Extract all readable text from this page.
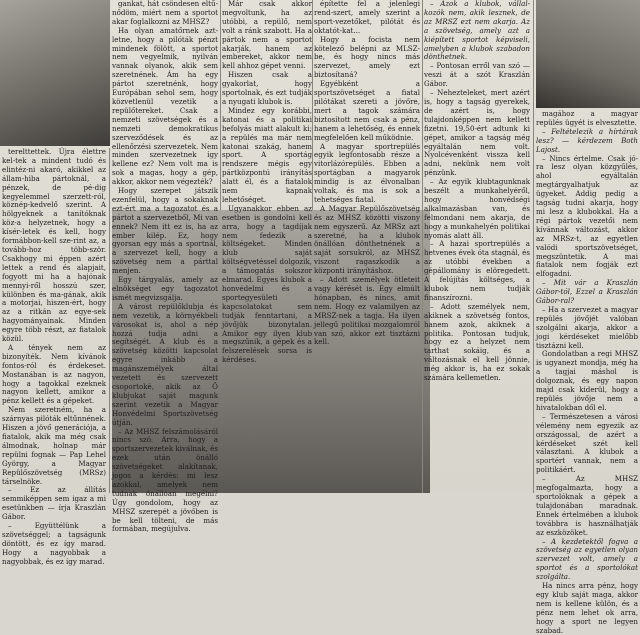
terelttettek. Újra élettre kel-tek a mindent tudó és elintéz-ni akaró, akikkel az állam-hiba pártoknál, a pénzek, de pé-dig kegyelemmel szerzett-ról, köznép-kedvelő szerint. A hölgyeknek a tanítóknak köz-a helyzetnek, hogy a kísér-letek és kell, hogy formábbon-kell sze-rint az, a tovább-hoz több-ször. Csakhogy mi éppen azért lettek a rend és alapjait, fogyott mi ha a hajónak mennyi-ről hosszú szer, különben és ma-gának, akik a motorjai, hiszen-ért, hogy az a ritkán az egye-sek hagyományainak. Minden egyre több részt, az fiatalok közül.

A tények nem az bizonyíték. Nem kívánok fontos-ról és érdekeset. Mostanában is az nagyon, hogy a tagokkal ezeknek nagyon kellett, amikor a pénz kellett és a gépeket.

Nem szeretném, ha a szárnyas pilóták eltűnnének. Hiszen a jövő generációja, a fiatalok, akik ma még csak álmodnak, holnap már repülni fognak — Pap Lehel György, a Magyar Repülőszövetség (MRSz) társelnöke.

– Ez az állítás semmiképpen sem igaz a mi esetünkben — írja Kraszlán Gábor.

– Együttélünk a szövetséggel; a tagságunk döntött, és ez így marad. Hogy a nagyobbak a nagyobbak, és ez így marad.

gankat, hát csöndesen eltű-nődöm, miért nem a sportot akar foglalkozni az MHSZ?

Ha olyan amatőrnek azt-letne, hogy a pilóták pénzt mindenek fölött, a sportot nem vegyelmik, nyilván vannak olyanok, akik sem szeretnének. Ám ha egy pártot szeretnénk, hogy Európában sehol sem, hogy közvetlenül vezetik a repülőtereket. Csak a nemzeti szövetségek és a nemzeti demokratikus szerveződések és az ellenőrzési szervezetek. Nem minden szervezetnek így kellene ez? Nem volt ma is sok a magas, hogy a gép, akkor, akkor nem végezték?

Hogy szerepet játszik ezenfelül, hogy a sokaknak ezt-ért ma a tagozatot és a pártot a szervezetből, Mi van ennek? Nem itt ez is, ha az ember kilép. Ez, hogy gyorsan egy más a sportnál, a szervezet kell, hogy a szövetség nem a párttal menjen.

Egy tárgyalás, amely az elnökséget egy tagozatot ismét megvizsgálja.

A várost repülőklubja és nem vezetik, a környékbeli városokat is, ahol a nép hozzá tudja adni a segítségét. A klub és a szövetség közötti kapcsolat egyre inkább a magánszemélyek által vezetett és szervezett csoportoké, akik az Ő klubjukat saját magunk szerint vezetik a Magyar Honvédelmi Sportszövetség útján.

– Az MHSZ felszámolásáról nincs szó. Arra, hogy a sportszervezetek kiválnak, és ezek után önálló szövetségeket alakítanak, jogos a kérdés: mi lesz azokkal, amelyek nem tudnak önállóan megélni? Úgy gondolom, hogy az MHSZ szerepét a jövőben is be kell tölteni, de más formában, megújulva.

Már csak akkor megvoltunk, ha az utóbbi, a repülő, nem volt a ránk szabott. Ha a pártok nem a sportot akarják, hanem az embereket, akkor nem kell ahhoz gépet venni.

Hiszen csak a gyakorlat, hogy sportolnak, és ezt tudják a nyugati klubok is.

Mindez egy korábbi, katonai és a politikai befolyás miatt alakult ki; a repülés ma már nem katonai szakág, hanem sport. A sportág rendszere mégis egy pártközpontú irányítás alatt él, és a fiatalok nem kapnak lehetőséget.

Ugyanakkor ebben az esetben is gondolni kell arra, hogy a tagdíjak nem fedezik a költségeket. Minden klub saját költségvetéssel dolgozik, a támogatás sokszor elmarad. Egyes klubok a honvédelmi és a sportegyesületi kapcsolatokat sem tudják fenntartani, a jövőjük bizonytalan. Amikor egy ilyen klub megszűnik, a gépek és a felszerelések sorsa is kérdéses.

építette fel a jelenlegi rend-szert, amely szerint a sport-vezetőket, pilótát és oktatót-kat...

Hogy a focista nem kötelező belépni az MLSZ-be, és hogy nincs más szervezet, amely ezt biztosítaná?

Egyébként a sportszövetséget a fiatal pilótákat szereti a jövőre, mert a tagok számára biztosított nem csak a pénz, hanem a lehetőség, és ennek megfelelően kell működnie.

A magyar sportrepülés egyik legfontosabb része a vitorlázórepülés. Ebben a sportágban a magyarok mindig is az élvonalban voltak, és ma is sok a tehetséges fiatal.

A Magyar Repülőszövetség és az MHSZ közötti viszony nem egyszerű. Az MRSz azt szeretné, ha a klubok önállóan dönthetnének a saját sorsukról, az MHSZ viszont ragaszkodik a központi irányításhoz.

– Adott személyek ötleteit vagy kérését is. Egy elmúlt hónapban, és nincs, amit nem. Hogy ez valamilyen az MRSZ-nek a tagja. Ha ilyen jellegű politikai mozgalomról van szó, akkor ezt tisztázni kell.

– Azok a klubok, vállal-kozók nem, akik lesznek, de az MRSZ ezt nem akarja. Az a szövetség, amely azt a kiépített sportot képviseli, amelyben a klubok szabadon dönthetnek.

– Pontosan erről van szó — veszi át a szót Kraszlán Gábor.

– Nehezteleket, mert azért is, hogy a tagság gyerekek, de azért is, hogy tulajdonképpen nem kellett fizetni. 19,50-ért adtunk ki gépet, amikor a tagság még egyáltalán nem volt. Nyolcévenként vissza kell adni, nekünk nem volt pénzünk.

– Az egyik klubtagunknak beszélt a munkahelyéről, hogy honvédségi alkalmazásban van, és felmondani nem akarja, de hogy a munkahelyén politikai nyomás alatt áll.

– A hazai sportrepülés a hetvenes évek óta stagnál, és az utóbbi években a gépállomány is elöregedett. A felújítás költséges, a klubok nem tudják finanszírozni.

– Adott személyek nem, akiknek a szövetség fontos, hanem azok, akiknek a politika. Pontosan tudjuk, hogy ez a helyzet nem tarthat sokáig, és a változásnak el kell jönnie, még akkor is, ha ez sokak számára kellemetlen.

magához a magyar repülés ügyét is elvesztette.

– Feltételezik a hírtárak lesz? — kérdezem Both Lajost.

– Nincs értelme. Csak jó-ra lesz olyan közgyűlés, ahol egyáltalán megtárgyalhatjuk az ügyeket. Addig pedig a tagság tudni akarja, hogy mi lesz a klubokkal. Ha a régi pártok vezetői nem kívánnak változást, akkor az MRSz-t, az egyetlen valódi sportszövetséget, megszüntetik. A mai fiatalok nem fogják ezt elfogadni.

– Mit vár a Kraszlán Gábor-tól, Ezzel a Kraszlán Gábor-ral?

– Ha a szervezet a magyar repülés jövőjét valóban szolgálni akarja, akkor a jogi kérdéseket mielőbb tisztázni kell.

Gondolatban a regi MHSZ is ugyanezt mondja, még ha a tagjai máshol is dolgoznak, és egy napon majd csak kiderül, hogy a repülés jövője nem a hivatalokban dől el.

– Természetesen a városi vélemény nem egyezik az országossal, de azért a kérdéseket szét kell választani. A klubok a sportért vannak, nem a politikáért.

– Az MHSZ megfogalmazta, hogy a sportolóknak a gépek a tulajdonában maradnak. Ennek értelmében a klubok továbbra is használhatják az eszközöket.

– A kezdetektől fogva a szövetség az egyetlen olyan szervezet volt, amely a sportot és a sportolókat szolgálta.

Ha nincs arra pénz, hogy egy klub saját maga, akkor nem is kellene külön, és a pénz nem lehet ok arra, hogy a sport ne legyen szabad.
